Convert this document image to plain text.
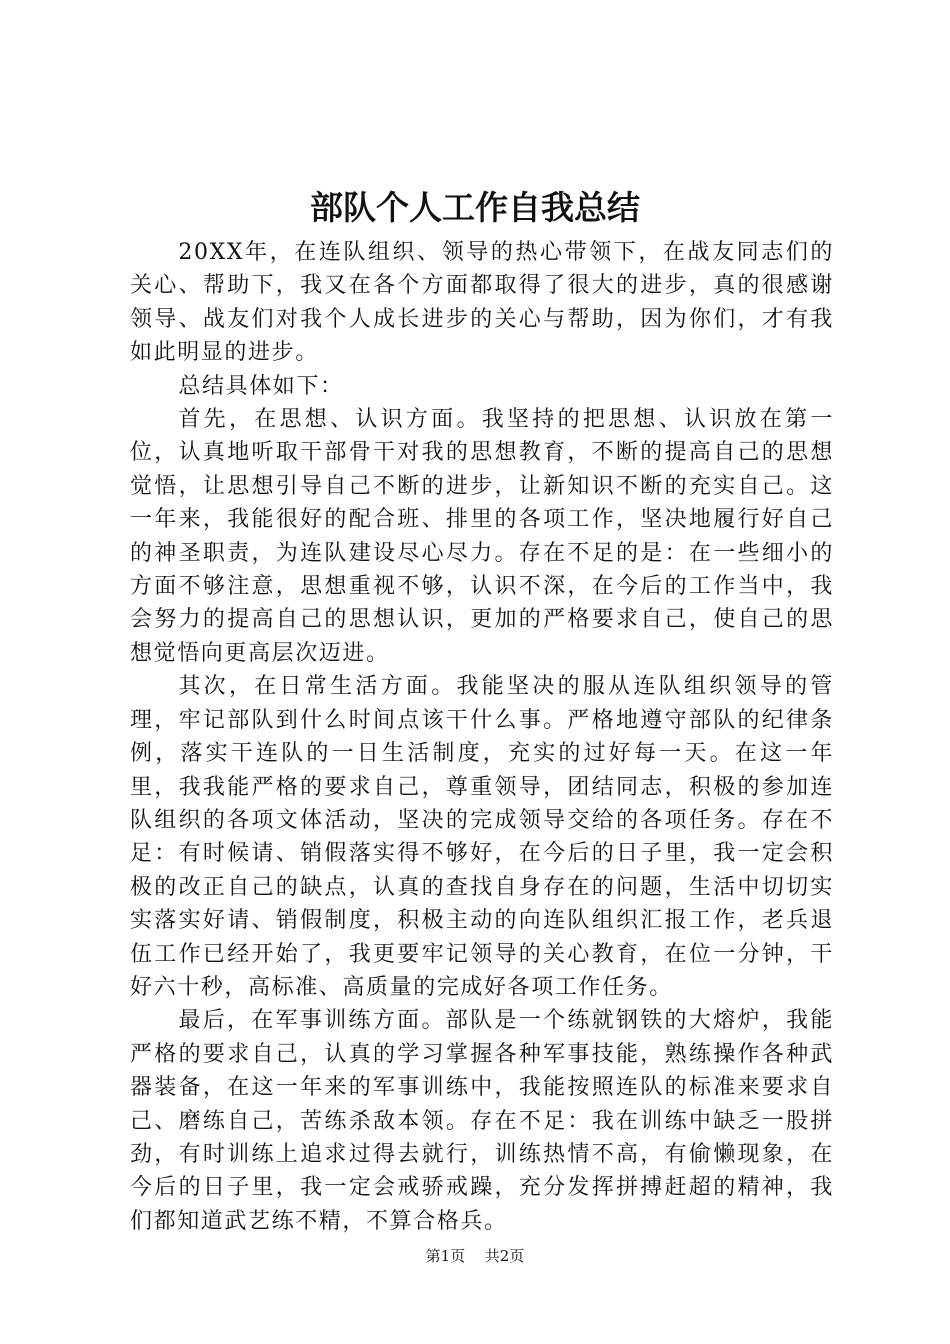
部队个人工作自我总结

20XX年，在连队组织、领导的热心带领下，在战友同志们的关心、帮助下，我又在各个方面都取得了很大的进步，真的很感谢领导、战友们对我个人成长进步的关心与帮助，因为你们，才有我如此明显的进步。

总结具体如下：

首先，在思想、认识方面。我坚持的把思想、认识放在第一位，认真地听取干部骨干对我的思想教育，不断的提高自己的思想觉悟，让思想引导自己不断的进步，让新知识不断的充实自己。这一年来，我能很好的配合班、排里的各项工作，坚决地履行好自己的神圣职责，为连队建设尽心尽力。存在不足的是：在一些细小的方面不够注意，思想重视不够，认识不深，在今后的工作当中，我会努力的提高自己的思想认识，更加的严格要求自己，使自己的思想觉悟向更高层次迈进。

其次，在日常生活方面。我能坚决的服从连队组织领导的管理，牢记部队到什么时间点该干什么事。严格地遵守部队的纪律条例，落实干连队的一日生活制度，充实的过好每一天。在这一年里，我我能严格的要求自己，尊重领导，团结同志，积极的参加连队组织的各项文体活动，坚决的完成领导交给的各项任务。存在不足：有时候请、销假落实得不够好，在今后的日子里，我一定会积极的改正自己的缺点，认真的查找自身存在的问题，生活中切切实实落实好请、销假制度，积极主动的向连队组织汇报工作，老兵退伍工作已经开始了，我更要牢记领导的关心教育，在位一分钟，干好六十秒，高标准、高质量的完成好各项工作任务。

最后，在军事训练方面。部队是一个练就钢铁的大熔炉，我能严格的要求自己，认真的学习掌握各种军事技能，熟练操作各种武器装备，在这一年来的军事训练中，我能按照连队的标准来要求自己、磨练自己，苦练杀敌本领。存在不足：我在训练中缺乏一股拼劲，有时训练上追求过得去就行，训练热情不高，有偷懒现象，在今后的日子里，我一定会戒骄戒躁，充分发挥拼搏赶超的精神，我们都知道武艺练不精，不算合格兵。

第1页 共2页
